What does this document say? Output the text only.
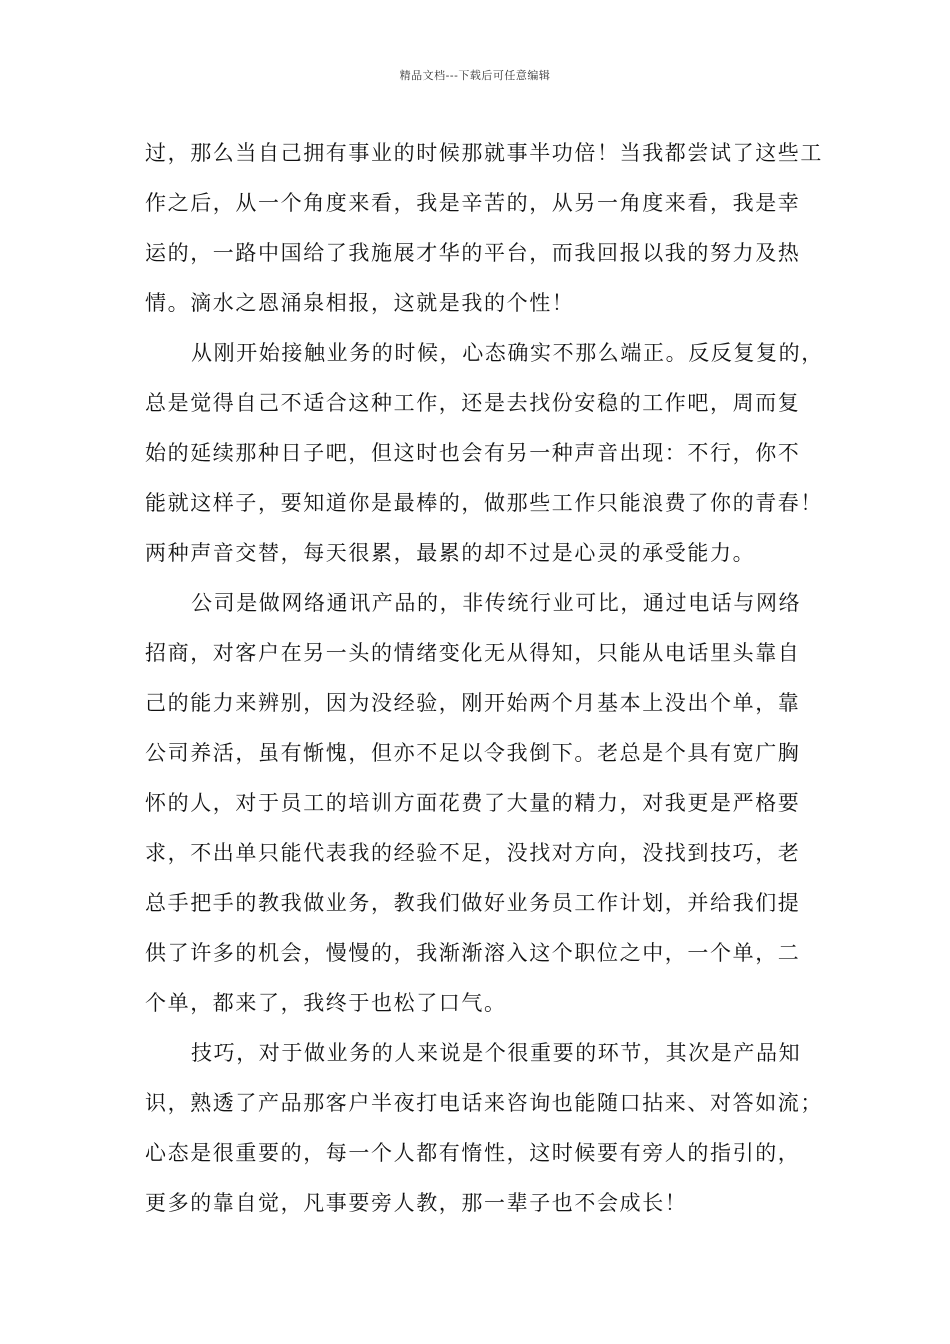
精品文档---下载后可任意编辑
过，那么当自己拥有事业的时候那就事半功倍！当我都尝试了这些工
作之后，从一个角度来看，我是辛苦的，从另一角度来看，我是幸
运的，一路中国给了我施展才华的平台，而我回报以我的努力及热
情。滴水之恩涌泉相报，这就是我的个性！
从刚开始接触业务的时候，心态确实不那么端正。反反复复的，
总是觉得自己不适合这种工作，还是去找份安稳的工作吧，周而复
始的延续那种日子吧，但这时也会有另一种声音出现：不行，你不
能就这样子，要知道你是最棒的，做那些工作只能浪费了你的青春！
两种声音交替，每天很累，最累的却不过是心灵的承受能力。
公司是做网络通讯产品的，非传统行业可比，通过电话与网络
招商，对客户在另一头的情绪变化无从得知，只能从电话里头靠自
己的能力来辨别，因为没经验，刚开始两个月基本上没出个单，靠
公司养活，虽有惭愧，但亦不足以令我倒下。老总是个具有宽广胸
怀的人，对于员工的培训方面花费了大量的精力，对我更是严格要
求，不出单只能代表我的经验不足，没找对方向，没找到技巧，老
总手把手的教我做业务，教我们做好业务员工作计划，并给我们提
供了许多的机会，慢慢的，我渐渐溶入这个职位之中，一个单，二
个单，都来了，我终于也松了口气。
技巧，对于做业务的人来说是个很重要的环节，其次是产品知
识，熟透了产品那客户半夜打电话来咨询也能随口拈来、对答如流；
心态是很重要的，每一个人都有惰性，这时候要有旁人的指引的，
更多的靠自觉，凡事要旁人教，那一辈子也不会成长！
